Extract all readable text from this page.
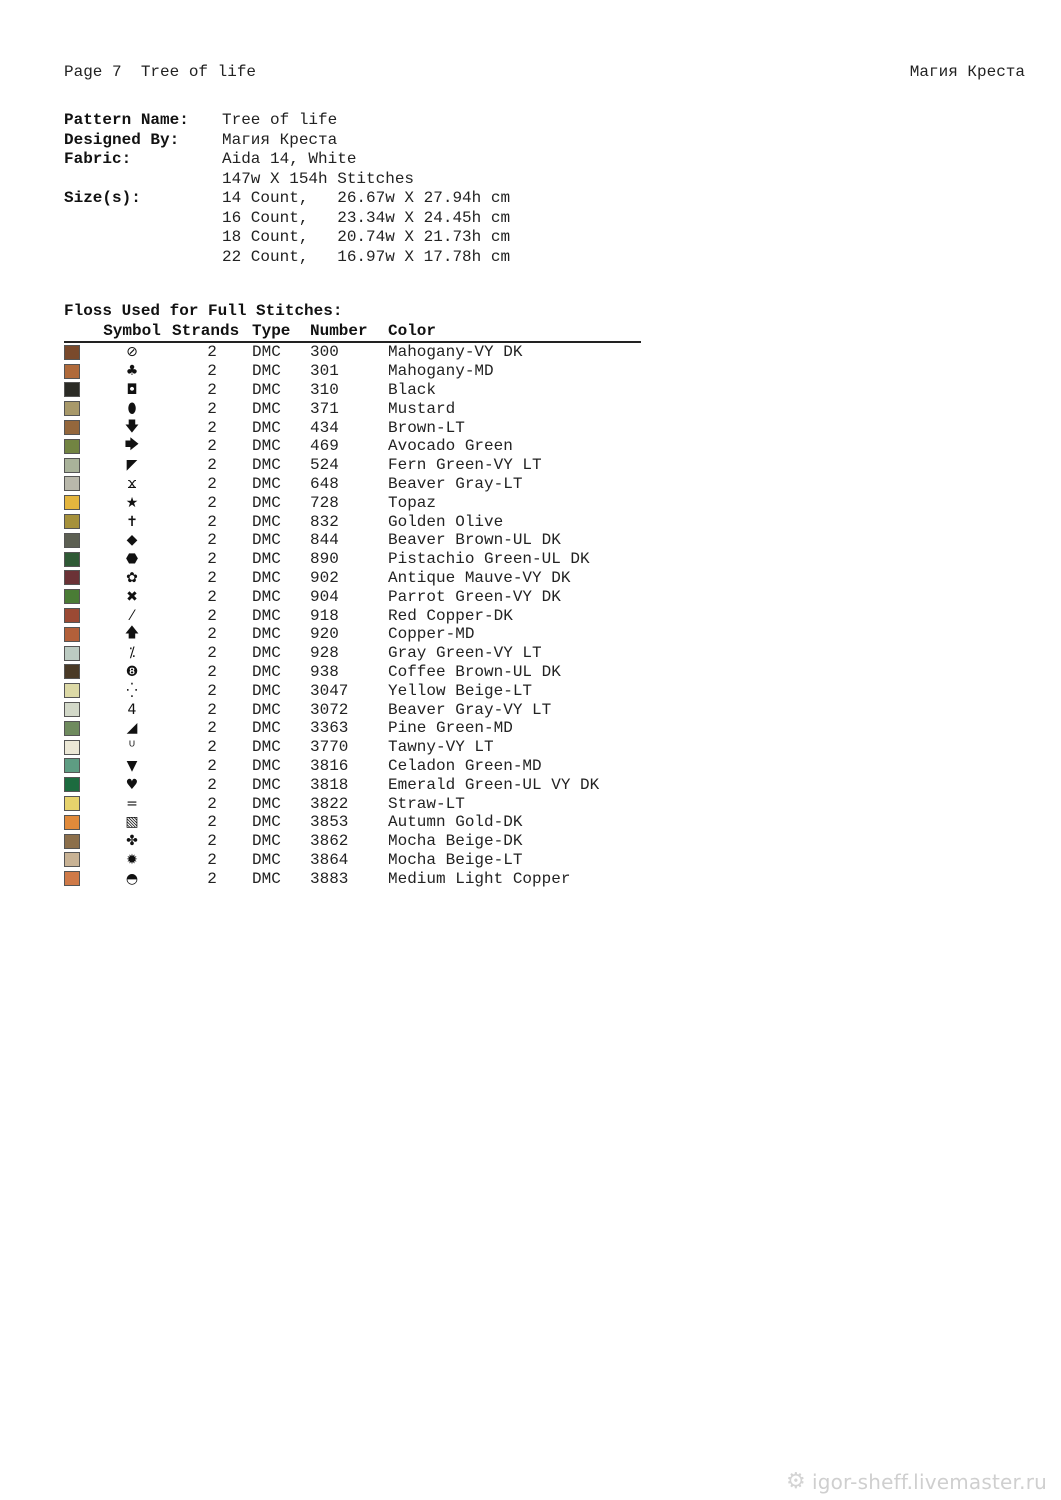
Page 7  Tree of life	Магия Креста
Pattern Name:	Tree of life
Designed By:	Магия Креста
Fabric:	Aida 14, White
147w X 154h Stitches
Size(s):	14 Count,   26.67w X 27.94h cm
16 Count,   23.34w X 24.45h cm
18 Count,   20.74w X 21.73h cm
22 Count,   16.97w X 17.78h cm
Floss Used for Full Stitches:
Symbol Strands Type	Number	Color
⊘	2	DMC	300	Mahogany-VY DK
♣	2	DMC	301	Mahogany-MD
◘	2	DMC	310	Black
⬮	2	DMC	371	Mustard
🡇	2	DMC	434	Brown-LT
🡆	2	DMC	469	Avocado Green
◤	2	DMC	524	Fern Green-VY LT
ϫ	2	DMC	648	Beaver Gray-LT
★	2	DMC	728	Topaz
✝	2	DMC	832	Golden Olive
◆	2	DMC	844	Beaver Brown-UL DK
⬣	2	DMC	890	Pistachio Green-UL DK
✿	2	DMC	902	Antique Mauve-VY DK
✖	2	DMC	904	Parrot Green-VY DK
⁄	2	DMC	918	Red Copper-DK
🡅	2	DMC	920	Copper-MD
⁒	2	DMC	928	Gray Green-VY LT
❽	2	DMC	938	Coffee Brown-UL DK
⁛	2	DMC	3047	Yellow Beige-LT
4	2	DMC	3072	Beaver Gray-VY LT
◢	2	DMC	3363	Pine Green-MD
ᵁ	2	DMC	3770	Tawny-VY LT
▼	2	DMC	3816	Celadon Green-MD
♥	2	DMC	3818	Emerald Green-UL VY DK
=	2	DMC	3822	Straw-LT
▧	2	DMC	3853	Autumn Gold-DK
✤	2	DMC	3862	Mocha Beige-DK
✹	2	DMC	3864	Mocha Beige-LT
◓	2	DMC	3883	Medium Light Copper
⚙ igor-sheff.livemaster.ru
